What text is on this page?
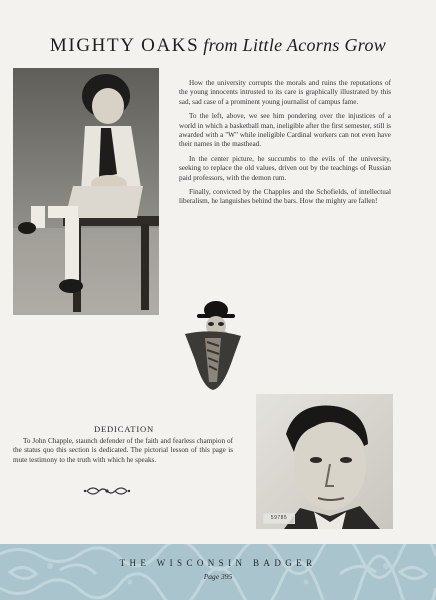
MIGHTY OAKS from Little Acorns Grow

How the university corrupts the morals and ruins the reputations of the young innocents intrusted to its care is graphically illustrated by this sad, sad case of a prominent young journalist of campus fame.

To the left, above, we see him pondering over the injustices of a world in which a basketball man, ineligible after the first semester, still is awarded with a "W" while ineligible Cardinal workers can not even have their names in the masthead.

In the center picture, he succumbs to the evils of the university, seeking to replace the old values, driven out by the teachings of Russian paid professors, with the demon rum.

Finally, convicted by the Chapples and the Schofields, of intellectual liberalism, he languishes behind the bars. How the mighty are fallen!

DEDICATION

To John Chapple, staunch defender of the faith and fearless champion of the status quo this section is dedicated. The pictorial lesson of this page is mute testimony to the truth with which he speaks.

59785
THE WISCONSIN BADGER
Page 395
